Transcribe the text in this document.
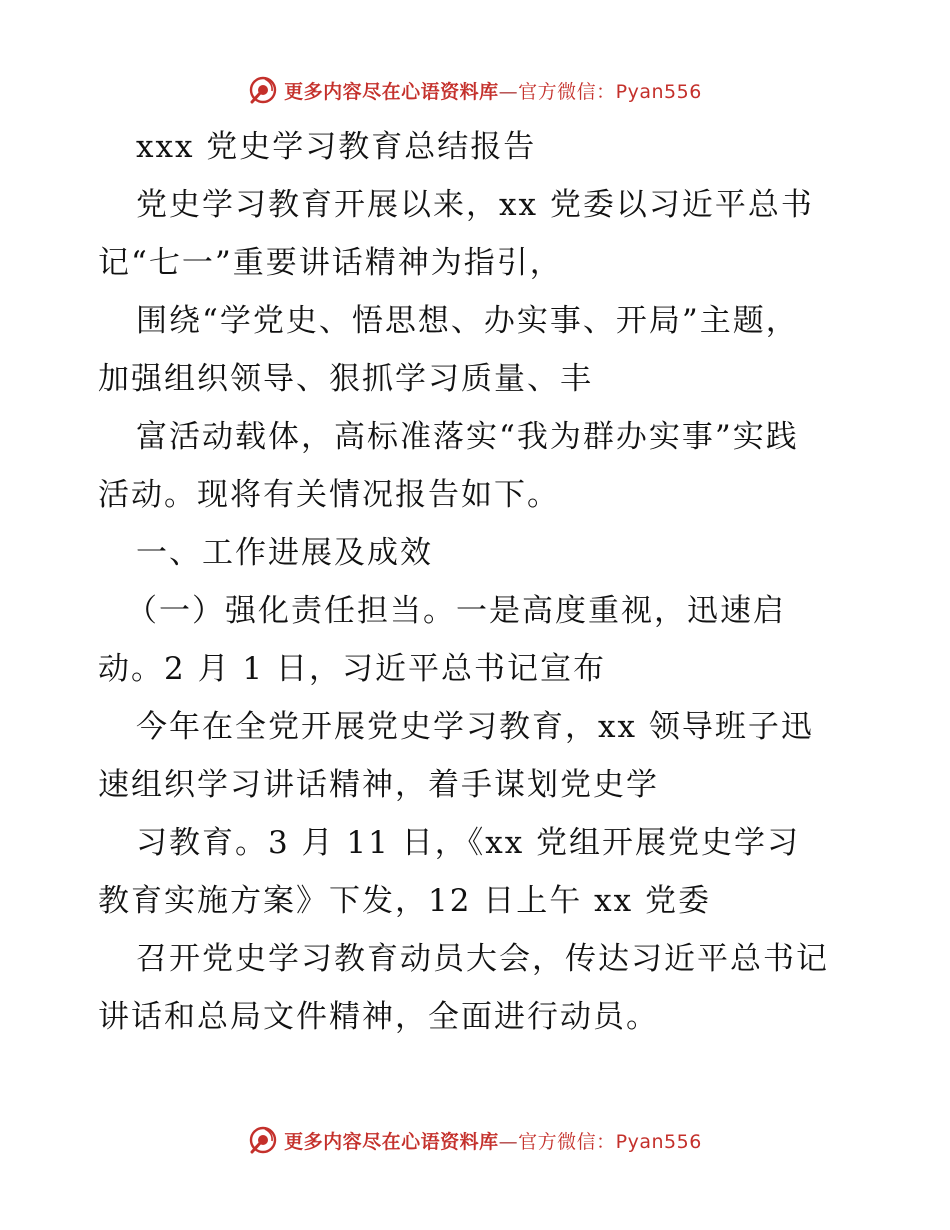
更多内容尽在心语资料库—官方微信：Pyan556
xxx 党史学习教育总结报告
党史学习教育开展以来，xx 党委以习近平总书
记“七一”重要讲话精神为指引，
围绕“学党史、悟思想、办实事、开局”主题，
加强组织领导、狠抓学习质量、丰
富活动载体，高标准落实“我为群办实事”实践
活动。现将有关情况报告如下。
一、工作进展及成效
（一）强化责任担当。一是高度重视，迅速启
动。2 月 1 日，习近平总书记宣布
今年在全党开展党史学习教育，xx 领导班子迅
速组织学习讲话精神，着手谋划党史学
习教育。3 月 11 日，《xx 党组开展党史学习
教育实施方案》下发，12 日上午 xx 党委
召开党史学习教育动员大会，传达习近平总书记
讲话和总局文件精神，全面进行动员。
更多内容尽在心语资料库—官方微信：Pyan556
